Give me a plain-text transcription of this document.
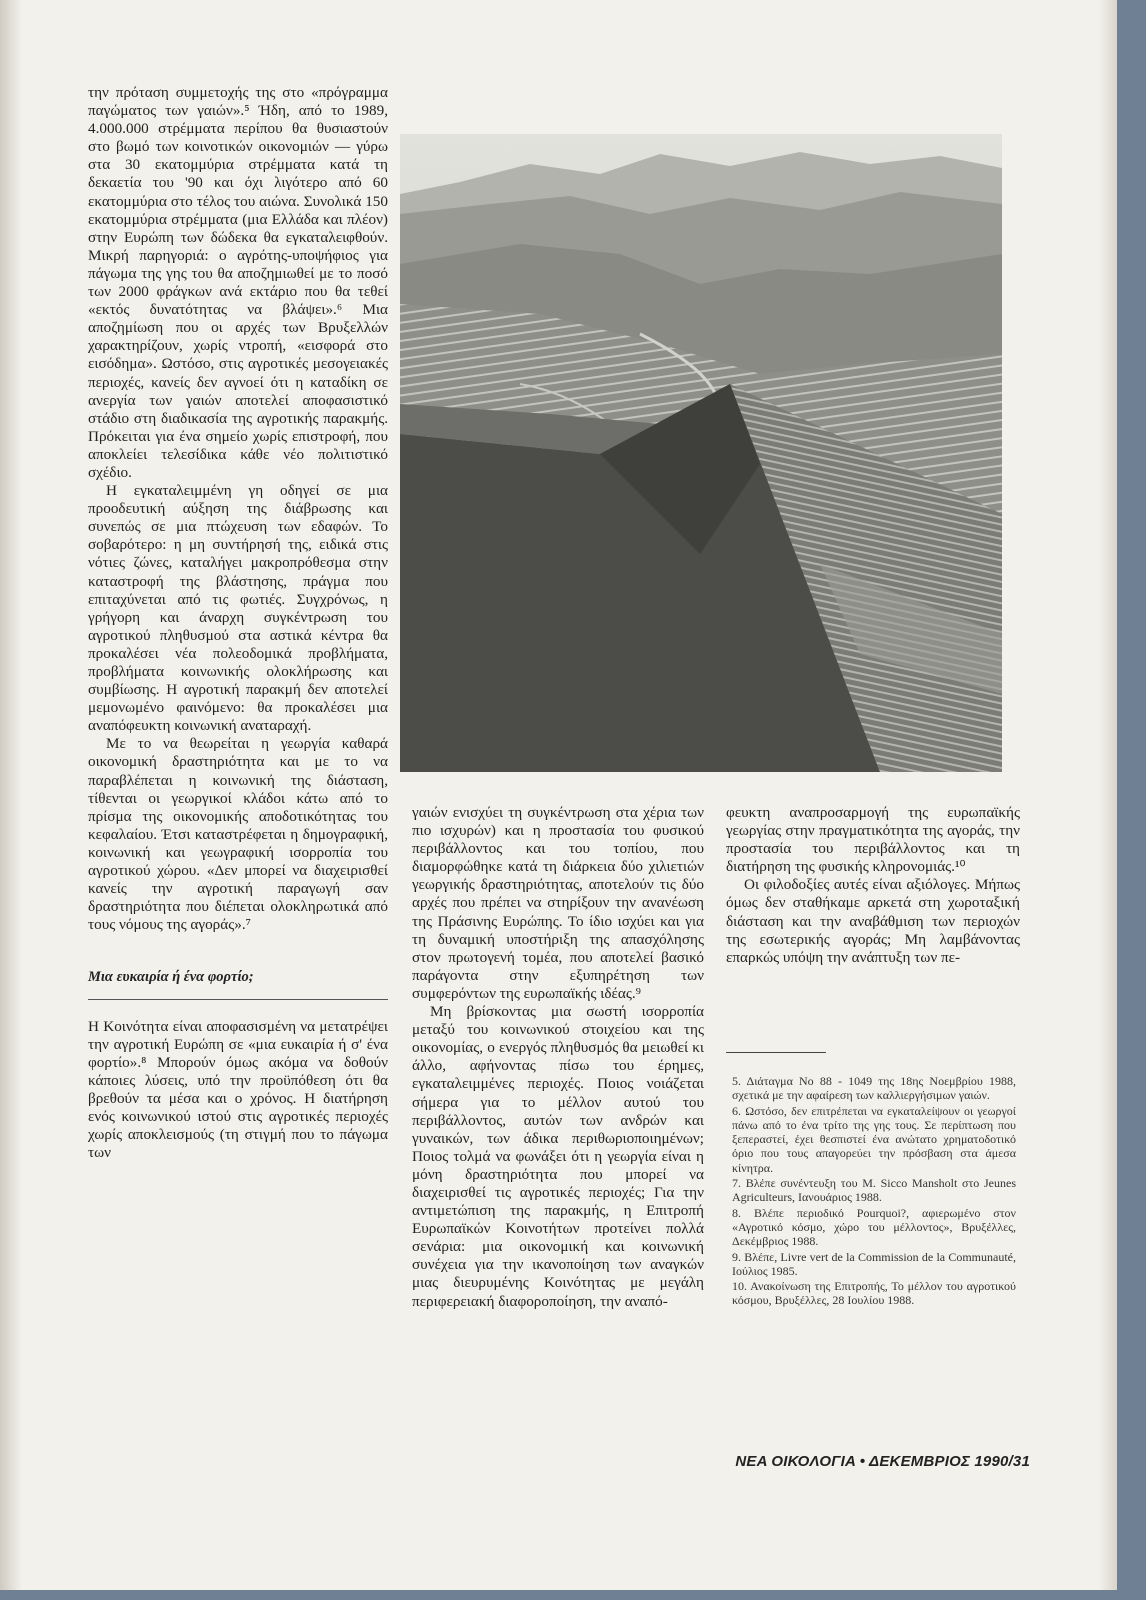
την πρόταση συμμετοχής της στο «πρόγραμμα παγώματος των γαιών».⁵ Ήδη, από το 1989, 4.000.000 στρέμματα περίπου θα θυσιαστούν στο βωμό των κοινοτικών οικονομιών — γύρω στα 30 εκατομμύρια στρέμματα κατά τη δεκαετία του '90 και όχι λιγότερο από 60 εκατομμύρια στο τέλος του αιώνα. Συνολικά 150 εκατομμύρια στρέμματα (μια Ελλάδα και πλέον) στην Ευρώπη των δώδεκα θα εγκαταλειφθούν. Μικρή παρηγοριά: ο αγρότης-υποψήφιος για πάγωμα της γης του θα αποζημιωθεί με το ποσό των 2000 φράγκων ανά εκτάριο που θα τεθεί «εκτός δυνατότητας να βλάψει».⁶ Μια αποζημίωση που οι αρχές των Βρυξελλών χαρακτηρίζουν, χωρίς ντροπή, «εισφορά στο εισόδημα». Ωστόσο, στις αγροτικές μεσογειακές περιοχές, κανείς δεν αγνοεί ότι η καταδίκη σε ανεργία των γαιών αποτελεί αποφασιστικό στάδιο στη διαδικασία της αγροτικής παρακμής. Πρόκειται για ένα σημείο χωρίς επιστροφή, που αποκλείει τελεσίδικα κάθε νέο πολιτιστικό σχέδιο.

Η εγκαταλειμμένη γη οδηγεί σε μια προοδευτική αύξηση της διάβρωσης και συνεπώς σε μια πτώχευση των εδαφών. Το σοβαρότερο: η μη συντήρησή της, ειδικά στις νότιες ζώνες, καταλήγει μακροπρόθεσμα στην καταστροφή της βλάστησης, πράγμα που επιταχύνεται από τις φωτιές. Συγχρόνως, η γρήγορη και άναρχη συγκέντρωση του αγροτικού πληθυσμού στα αστικά κέντρα θα προκαλέσει νέα πολεοδομικά προβλήματα, προβλήματα κοινωνικής ολοκλήρωσης και συμβίωσης. Η αγροτική παρακμή δεν αποτελεί μεμονωμένο φαινόμενο: θα προκαλέσει μια αναπόφευκτη κοινωνική αναταραχή.

Με το να θεωρείται η γεωργία καθαρά οικονομική δραστηριότητα και με το να παραβλέπεται η κοινωνική της διάσταση, τίθενται οι γεωργικοί κλάδοι κάτω από το πρίσμα της οικονομικής αποδοτικότητας του κεφαλαίου. Έτσι καταστρέφεται η δημογραφική, κοινωνική και γεωγραφική ισορροπία του αγροτικού χώρου. «Δεν μπορεί να διαχειρισθεί κανείς την αγροτική παραγωγή σαν δραστηριότητα που διέπεται ολοκληρωτικά από τους νόμους της αγοράς».⁷

Μια ευκαιρία ή ένα φορτίο;

Η Κοινότητα είναι αποφασισμένη να μετατρέψει την αγροτική Ευρώπη σε «μια ευκαιρία ή σ' ένα φορτίο».⁸ Μπορούν όμως ακόμα να δοθούν κάποιες λύσεις, υπό την προϋπόθεση ότι θα βρεθούν τα μέσα και ο χρόνος. Η διατήρηση ενός κοινωνικού ιστού στις αγροτικές περιοχές χωρίς αποκλεισμούς (τη στιγμή που το πάγωμα των

γαιών ενισχύει τη συγκέντρωση στα χέρια των πιο ισχυρών) και η προστασία του φυσικού περιβάλλοντος και του τοπίου, που διαμορφώθηκε κατά τη διάρκεια δύο χιλιετιών γεωργικής δραστηριότητας, αποτελούν τις δύο αρχές που πρέπει να στηρίξουν την ανανέωση της Πράσινης Ευρώπης. Το ίδιο ισχύει και για τη δυναμική υποστήριξη της απασχόλησης στον πρωτογενή τομέα, που αποτελεί βασικό παράγοντα στην εξυπηρέτηση των συμφερόντων της ευρωπαϊκής ιδέας.⁹

Μη βρίσκοντας μια σωστή ισορροπία μεταξύ του κοινωνικού στοιχείου και της οικονομίας, ο ενεργός πληθυσμός θα μειωθεί κι άλλο, αφήνοντας πίσω του έρημες, εγκαταλειμμένες περιοχές. Ποιος νοιάζεται σήμερα για το μέλλον αυτού του περιβάλλοντος, αυτών των ανδρών και γυναικών, των άδικα περιθωριοποιημένων; Ποιος τολμά να φωνάξει ότι η γεωργία είναι η μόνη δραστηριότητα που μπορεί να διαχειρισθεί τις αγροτικές περιοχές; Για την αντιμετώπιση της παρακμής, η Επιτροπή Ευρωπαϊκών Κοινοτήτων προτείνει πολλά σενάρια: μια οικονομική και κοινωνική συνέχεια για την ικανοποίηση των αναγκών μιας διευρυμένης Κοινότητας με μεγάλη περιφερειακή διαφοροποίηση, την αναπό-

φευκτη αναπροσαρμογή της ευρωπαϊκής γεωργίας στην πραγματικότητα της αγοράς, την προστασία του περιβάλλοντος και τη διατήρηση της φυσικής κληρονομιάς.¹⁰

Οι φιλοδοξίες αυτές είναι αξιόλογες. Μήπως όμως δεν σταθήκαμε αρκετά στη χωροταξική διάσταση και την αναβάθμιση των περιοχών της εσωτερικής αγοράς; Μη λαμβάνοντας επαρκώς υπόψη την ανάπτυξη των πε-

5. Διάταγμα Νο 88 - 1049 της 18ης Νοεμβρίου 1988, σχετικά με την αφαίρεση των καλλιεργήσιμων γαιών.

6. Ωστόσο, δεν επιτρέπεται να εγκαταλείψουν οι γεωργοί πάνω από το ένα τρίτο της γης τους. Σε περίπτωση που ξεπεραστεί, έχει θεσπιστεί ένα ανώτατο χρηματοδοτικό όριο που τους απαγορεύει την πρόσβαση στα άμεσα κίνητρα.

7. Βλέπε συνέντευξη του M. Sicco Mansholt στο Jeunes Agriculteurs, Ιανουάριος 1988.

8. Βλέπε περιοδικό Pourquoi?, αφιερωμένο στον «Αγροτικό κόσμο, χώρο του μέλλοντος», Βρυξέλλες, Δεκέμβριος 1988.

9. Βλέπε, Livre vert de la Commission de la Communauté, Ιούλιος 1985.

10. Ανακοίνωση της Επιτροπής, Το μέλλον του αγροτικού κόσμου, Βρυξέλλες, 28 Ιουλίου 1988.

ΝΕΑ ΟΙΚΟΛΟΓΙΑ • ΔΕΚΕΜΒΡΙΟΣ 1990/31
